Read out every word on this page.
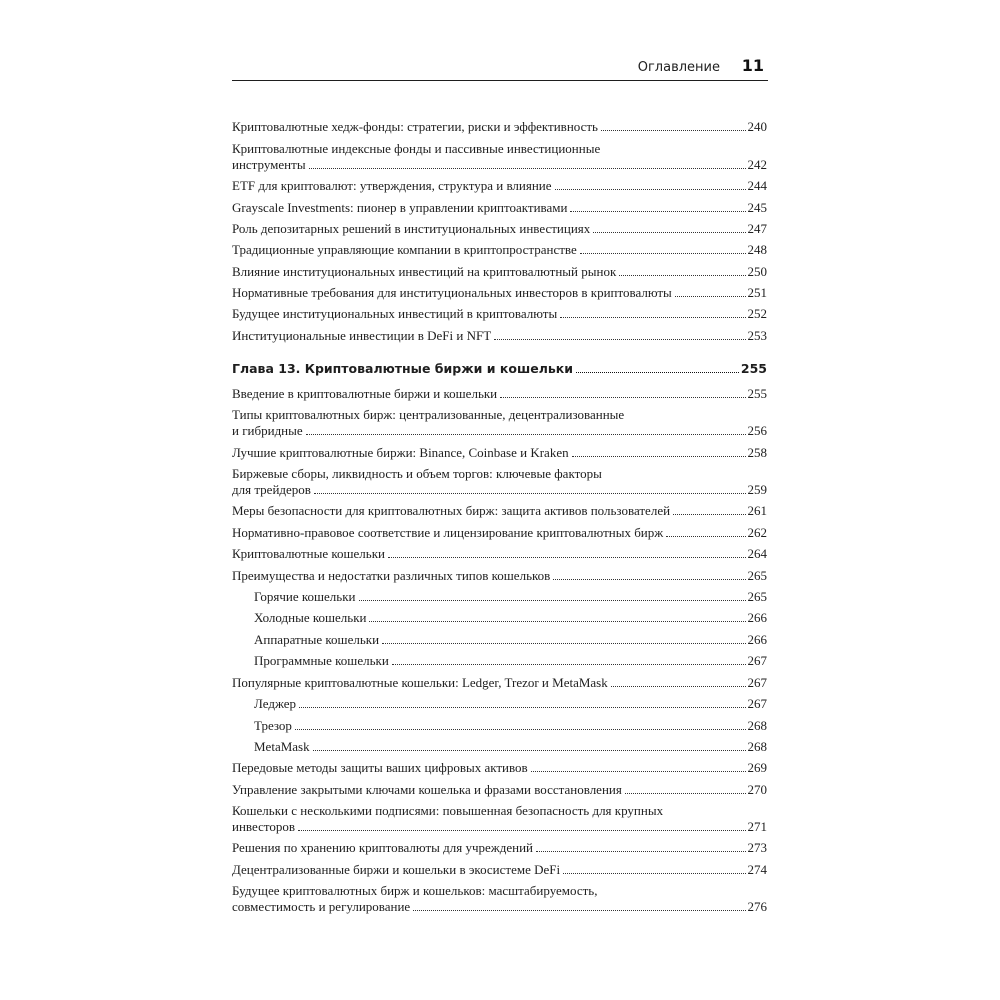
Оглавление 11
Криптовалютные хедж-фонды: стратегии, риски и эффективность	240
Криптовалютные индексные фонды и пассивные инвестиционные
инструменты	242
ETF для криптовалют: утверждения, структура и влияние	244
Grayscale Investments: пионер в управлении криптоактивами	245
Роль депозитарных решений в институциональных инвестициях	247
Традиционные управляющие компании в криптопространстве	248
Влияние институциональных инвестиций на криптовалютный рынок	250
Нормативные требования для институциональных инвесторов в криптовалюты	251
Будущее институциональных инвестиций в криптовалюты	252
Институциональные инвестиции в DeFi и NFT	253
Глава 13. Криптовалютные биржи и кошельки	255
Введение в криптовалютные биржи и кошельки	255
Типы криптовалютных бирж: централизованные, децентрализованные
и гибридные	256
Лучшие криптовалютные биржи: Binance, Coinbase и Kraken	258
Биржевые сборы, ликвидность и объем торгов: ключевые факторы
для трейдеров	259
Меры безопасности для криптовалютных бирж: защита активов пользователей	261
Нормативно-правовое соответствие и лицензирование криптовалютных бирж	262
Криптовалютные кошельки	264
Преимущества и недостатки различных типов кошельков	265
Горячие кошельки	265
Холодные кошельки	266
Аппаратные кошельки	266
Программные кошельки	267
Популярные криптовалютные кошельки: Ledger, Trezor и MetaMask	267
Леджер	267
Трезор	268
MetaMask	268
Передовые методы защиты ваших цифровых активов	269
Управление закрытыми ключами кошелька и фразами восстановления	270
Кошельки с несколькими подписями: повышенная безопасность для крупных
инвесторов	271
Решения по хранению криптовалюты для учреждений	273
Децентрализованные биржи и кошельки в экосистеме DeFi	274
Будущее криптовалютных бирж и кошельков: масштабируемость,
совместимость и регулирование	276
